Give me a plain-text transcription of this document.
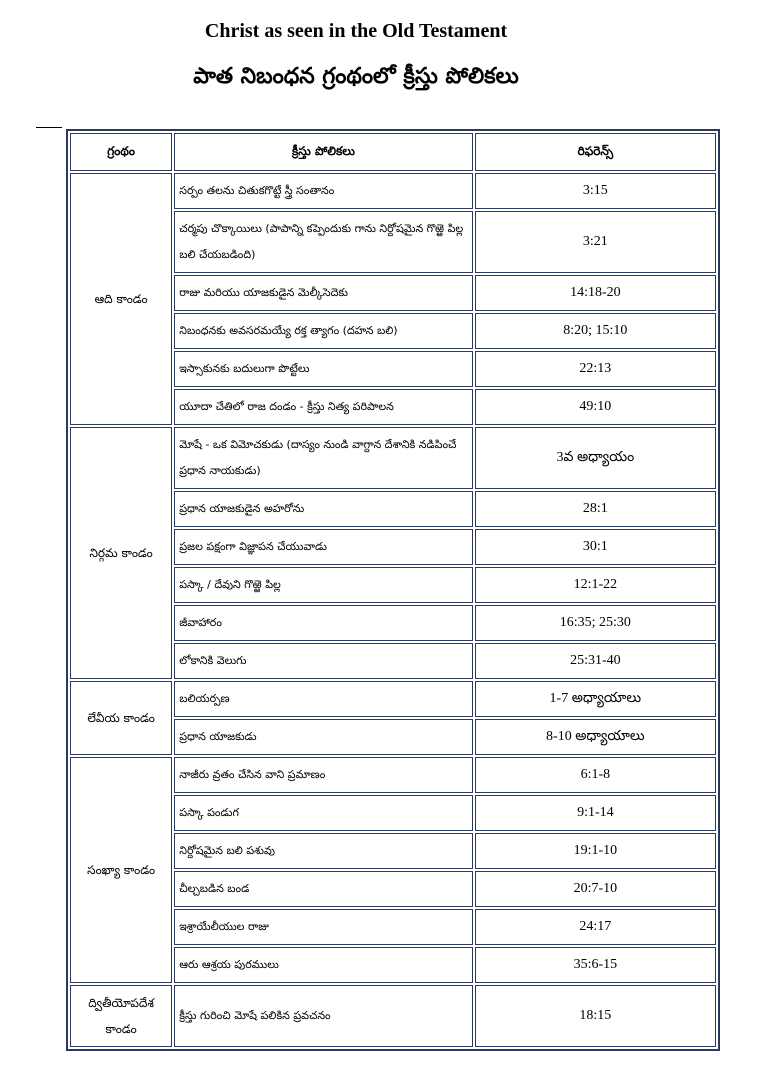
Christ as seen in the Old Testament
పాత నిబంధన గ్రంథంలో క్రీస్తు పోలికలు
గ్రంథం	క్రీస్తు పోలికలు	రిఫరెన్స్
ఆది కాండం	సర్పం తలను చితుకగొట్టే స్త్రీ సంతానం	3:15
	చర్మపు చొక్కాయిలు (పాపాన్ని కప్పెందుకు గాను నిర్దోషమైన గొఱ్ఱె పిల్ల బలి చేయబడింది)	3:21
	రాజు మరియు యాజకుడైన మెల్కీసెదెకు	14:18-20
	నిబంధనకు అవసరమయ్యే రక్త త్యాగం (దహన బలి)	8:20; 15:10
	ఇస్సాకునకు బదులుగా పొట్టేలు	22:13
	యూదా చేతిలో రాజ దండం - క్రీస్తు నిత్య పరిపాలన	49:10
నిర్గమ కాండం	మోషే - ఒక విమోచకుడు (దాస్యం నుండి వాగ్దాన దేశానికి నడిపించే ప్రధాన నాయకుడు)	3వ అధ్యాయం
	ప్రధాన యాజకుడైన అహరోను	28:1
	ప్రజల పక్షంగా విజ్ఞాపన చేయువాడు	30:1
	పస్కా / దేవుని గొఱ్ఱె పిల్ల	12:1-22
	జీవాహారం	16:35; 25:30
	లోకానికి వెలుగు	25:31-40
లేవీయ కాండం	బలియర్పణ	1-7 అధ్యాయాలు
	ప్రధాన యాజకుడు	8-10 అధ్యాయాలు
సంఖ్యా కాండం	నాజీరు వ్రతం చేసిన వాని ప్రమాణం	6:1-8
	పస్కా పండుగ	9:1-14
	నిర్దోషమైన బలి పశువు	19:1-10
	చీల్చబడిన బండ	20:7-10
	ఇశ్రాయేలీయుల రాజు	24:17
	ఆరు ఆశ్రయ పురములు	35:6-15
ద్వితీయోపదేశ కాండం	క్రీస్తు గురించి మోషే పలికిన ప్రవచనం	18:15
